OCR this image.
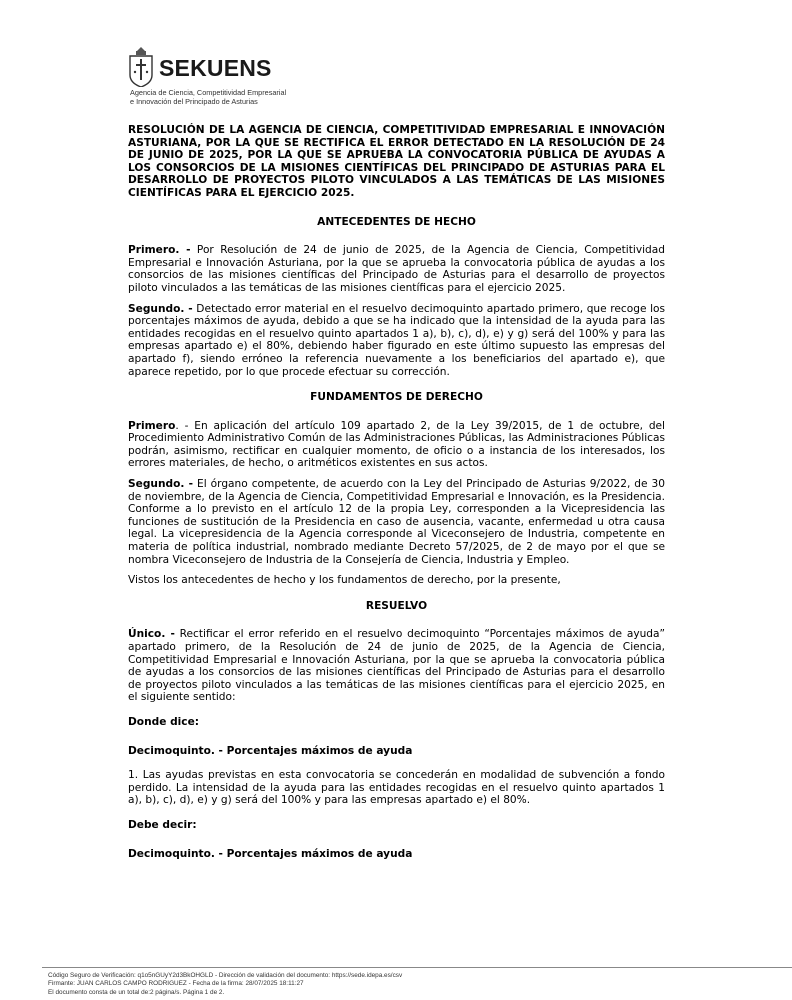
SEKUENS
Agencia de Ciencia, Competitividad Empresarial
e Innovación del Principado de Asturias

RESOLUCIÓN DE LA AGENCIA DE CIENCIA, COMPETITIVIDAD EMPRESARIAL E INNOVACIÓN ASTURIANA, POR LA QUE SE RECTIFICA EL ERROR DETECTADO EN LA RESOLUCIÓN DE 24 DE JUNIO DE 2025, POR LA QUE SE APRUEBA LA CONVOCATORIA PÚBLICA DE AYUDAS A LOS CONSORCIOS DE LA MISIONES CIENTÍFICAS DEL PRINCIPADO DE ASTURIAS PARA EL DESARROLLO DE PROYECTOS PILOTO VINCULADOS A LAS TEMÁTICAS DE LAS MISIONES CIENTÍFICAS PARA EL EJERCICIO 2025.

ANTECEDENTES DE HECHO

Primero. - Por Resolución de 24 de junio de 2025, de la Agencia de Ciencia, Competitividad Empresarial e Innovación Asturiana, por la que se aprueba la convocatoria pública de ayudas a los consorcios de las misiones científicas del Principado de Asturias para el desarrollo de proyectos piloto vinculados a las temáticas de las misiones científicas para el ejercicio 2025.

Segundo. - Detectado error material en el resuelvo decimoquinto apartado primero, que recoge los porcentajes máximos de ayuda, debido a que se ha indicado que la intensidad de la ayuda para las entidades recogidas en el resuelvo quinto apartados 1 a), b), c), d), e) y g) será del 100% y para las empresas apartado e) el 80%, debiendo haber figurado en este último supuesto las empresas del apartado f), siendo erróneo la referencia nuevamente a los beneficiarios del apartado e), que aparece repetido, por lo que procede efectuar su corrección.

FUNDAMENTOS DE DERECHO

Primero. - En aplicación del artículo 109 apartado 2, de la Ley 39/2015, de 1 de octubre, del Procedimiento Administrativo Común de las Administraciones Públicas, las Administraciones Públicas podrán, asimismo, rectificar en cualquier momento, de oficio o a instancia de los interesados, los errores materiales, de hecho, o aritméticos existentes en sus actos.

Segundo. - El órgano competente, de acuerdo con la Ley del Principado de Asturias 9/2022, de 30 de noviembre, de la Agencia de Ciencia, Competitividad Empresarial e Innovación, es la Presidencia. Conforme a lo previsto en el artículo 12 de la propia Ley, corresponden a la Vicepresidencia las funciones de sustitución de la Presidencia en caso de ausencia, vacante, enfermedad u otra causa legal. La vicepresidencia de la Agencia corresponde al Viceconsejero de Industria, competente en materia de política industrial, nombrado mediante Decreto 57/2025, de 2 de mayo por el que se nombra Viceconsejero de Industria de la Consejería de Ciencia, Industria y Empleo.

Vistos los antecedentes de hecho y los fundamentos de derecho, por la presente,

RESUELVO

Único. - Rectificar el error referido en el resuelvo decimoquinto “Porcentajes máximos de ayuda” apartado primero, de la Resolución de 24 de junio de 2025, de la Agencia de Ciencia, Competitividad Empresarial e Innovación Asturiana, por la que se aprueba la convocatoria pública de ayudas a los consorcios de las misiones científicas del Principado de Asturias para el desarrollo de proyectos piloto vinculados a las temáticas de las misiones científicas para el ejercicio 2025, en el siguiente sentido:

Donde dice:

Decimoquinto. - Porcentajes máximos de ayuda

1. Las ayudas previstas en esta convocatoria se concederán en modalidad de subvención a fondo perdido. La intensidad de la ayuda para las entidades recogidas en el resuelvo quinto apartados 1 a), b), c), d), e) y g) será del 100% y para las empresas apartado e) el 80%.

Debe decir:

Decimoquinto. - Porcentajes máximos de ayuda

Código Seguro de Verificación: q1o5nGUyY2d3BkOHGLD - Dirección de validación del documento: https://sede.idepa.es/csv
Firmante: JUAN CARLOS CAMPO RODRIGUEZ - Fecha de la firma: 28/07/2025 18:11:27
El documento consta de un total de:2 página/s. Página 1 de 2.
